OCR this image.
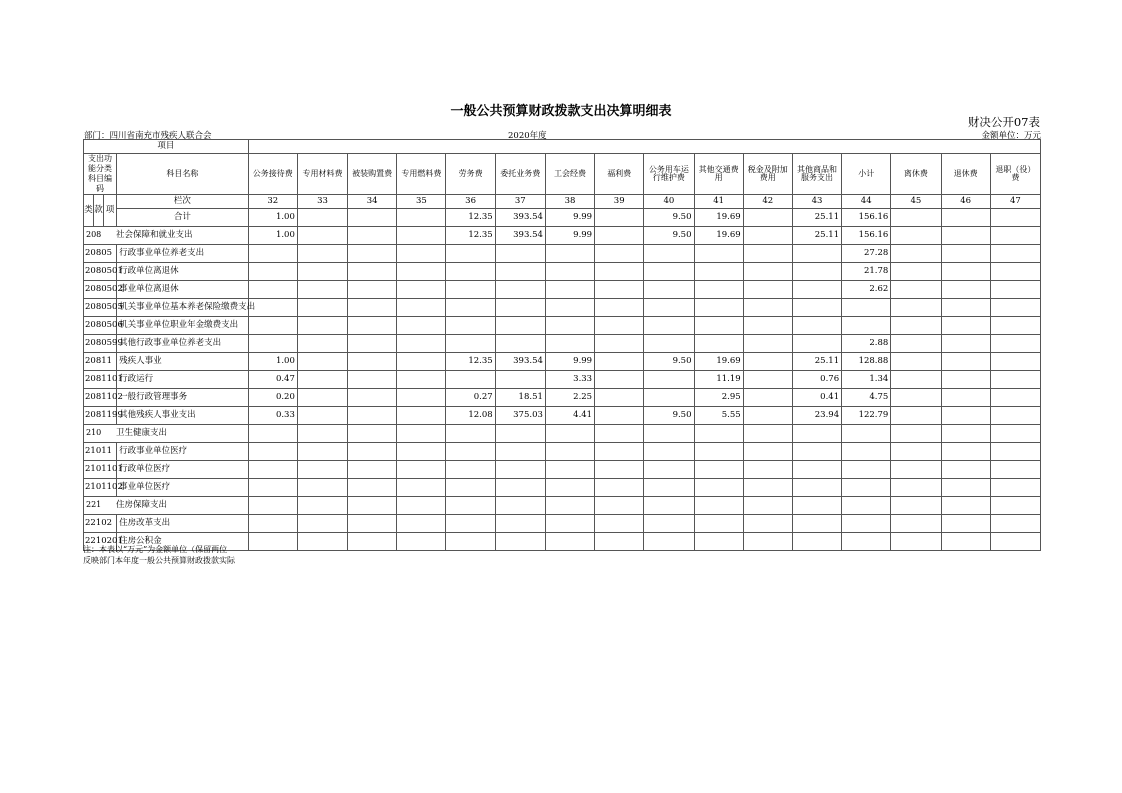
一般公共预算财政拨款支出决算明细表
财决公开07表
部门：四川省南充市残疾人联合会	2020年度	金额单位：万元
项目																			
支出功能分类科目编码			科目名称	公务接待费	专用材料费	被装购置费	专用燃料费	劳务费	委托业务费	工会经费	福利费	公务用车运行维护费	其他交通费用	税金及附加费用	其他商品和服务支出	小计	离休费	退休费	退职（役）费
类	款	项	栏次	32	33	34	35	36	37	38	39	40	41	42	43	44	45	46	47
			合计	1.00				12.35	393.54	9.99		9.50	19.69		25.11	156.16			
208 社会保障和就业支出				1.00				12.35	393.54	9.99		9.50	19.69		25.11	156.16			
20805			行政事业单位养老支出													27.28			
2080501			行政单位离退休													21.78			
2080502			事业单位离退休													2.62			
2080505			机关事业单位基本养老保险缴费支出																
2080506			机关事业单位职业年金缴费支出																
2080599			其他行政事业单位养老支出													2.88			
20811			残疾人事业	1.00				12.35	393.54	9.99		9.50	19.69		25.11	128.88			
2081101			行政运行	0.47						3.33			11.19		0.76	1.34			
2081102			一般行政管理事务	0.20				0.27	18.51	2.25			2.95		0.41	4.75			
2081199			其他残疾人事业支出	0.33				12.08	375.03	4.41		9.50	5.55		23.94	122.79			
210 卫生健康支出																			
21011			行政事业单位医疗																
2101101			行政单位医疗																
2101102			事业单位医疗																
221 住房保障支出																			
22102			住房改革支出																
2210201			住房公积金																
注：本表以“万元”为金额单位（保留两位
反映部门本年度一般公共预算财政拨款实际
